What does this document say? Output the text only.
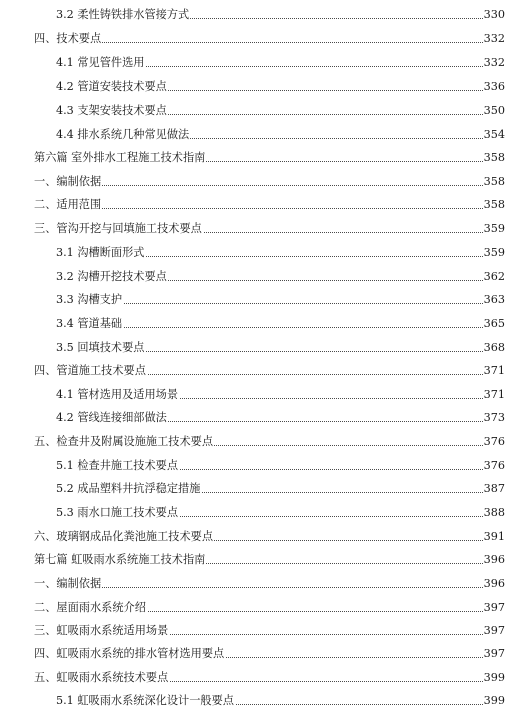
3.2 柔性铸铁排水管接方式	330
四、技术要点	332
4.1 常见管件选用	332
4.2 管道安装技术要点	336
4.3 支架安装技术要点	350
4.4 排水系统几种常见做法	354
第六篇 室外排水工程施工技术指南	358
一、编制依据	358
二、适用范围	358
三、管沟开挖与回填施工技术要点	359
3.1 沟槽断面形式	359
3.2 沟槽开挖技术要点	362
3.3 沟槽支护	363
3.4 管道基础	365
3.5 回填技术要点	368
四、管道施工技术要点	371
4.1 管材选用及适用场景	371
4.2 管线连接细部做法	373
五、检查井及附属设施施工技术要点	376
5.1 检查井施工技术要点	376
5.2 成品塑料井抗浮稳定措施	387
5.3 雨水口施工技术要点	388
六、玻璃钢成品化粪池施工技术要点	391
第七篇 虹吸雨水系统施工技术指南	396
一、编制依据	396
二、屋面雨水系统介绍	397
三、虹吸雨水系统适用场景	397
四、虹吸雨水系统的排水管材选用要点	397
五、虹吸雨水系统技术要点	399
5.1 虹吸雨水系统深化设计一般要点	399
